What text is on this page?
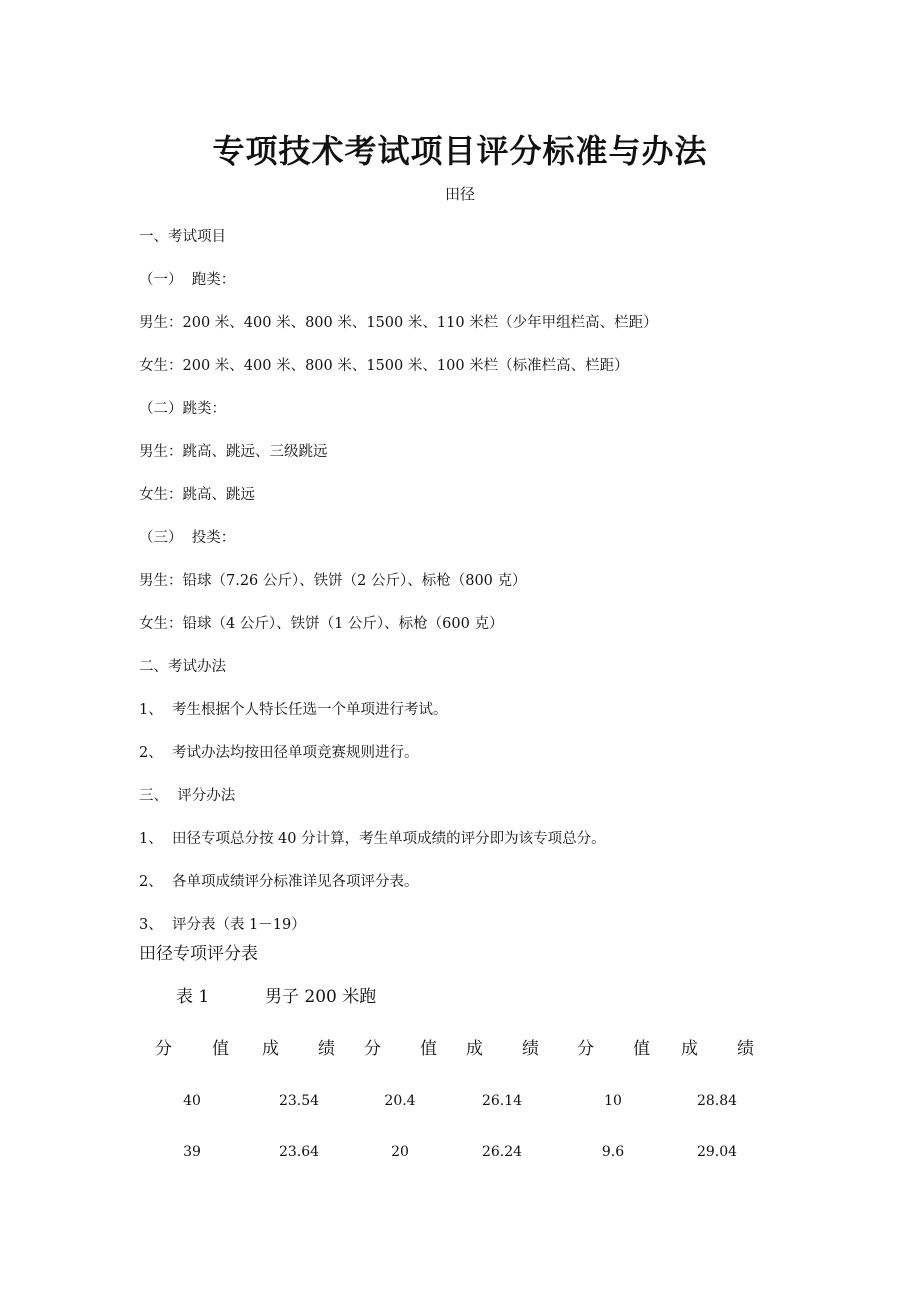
专项技术考试项目评分标准与办法
田径
一、考试项目
（一）  跑类：
男生：200 米、400 米、800 米、1500 米、110 米栏（少年甲组栏高、栏距）
女生：200 米、400 米、800 米、1500 米、100 米栏（标准栏高、栏距）
（二）跳类：
男生：跳高、跳远、三级跳远
女生：跳高、跳远
（三）  投类：
男生：铅球（7.26 公斤）、铁饼（2 公斤）、标枪（800 克）
女生：铅球（4 公斤）、铁饼（1 公斤）、标枪（600 克）
二、考试办法
1、  考生根据个人特长任选一个单项进行考试。
2、  考试办法均按田径单项竞赛规则进行。
三、  评分办法
1、  田径专项总分按 40 分计算，考生单项成绩的评分即为该专项总分。
2、  各单项成绩评分标准详见各项评分表。
3、  评分表（表 1－19）
田径专项评分表
表 1	男子 200 米跑
分 值 成 绩 分 值 成 绩 分 值 成 绩
40	23.54	20.4	26.14	10	28.84
39	23.64	20	26.24	9.6	29.04
